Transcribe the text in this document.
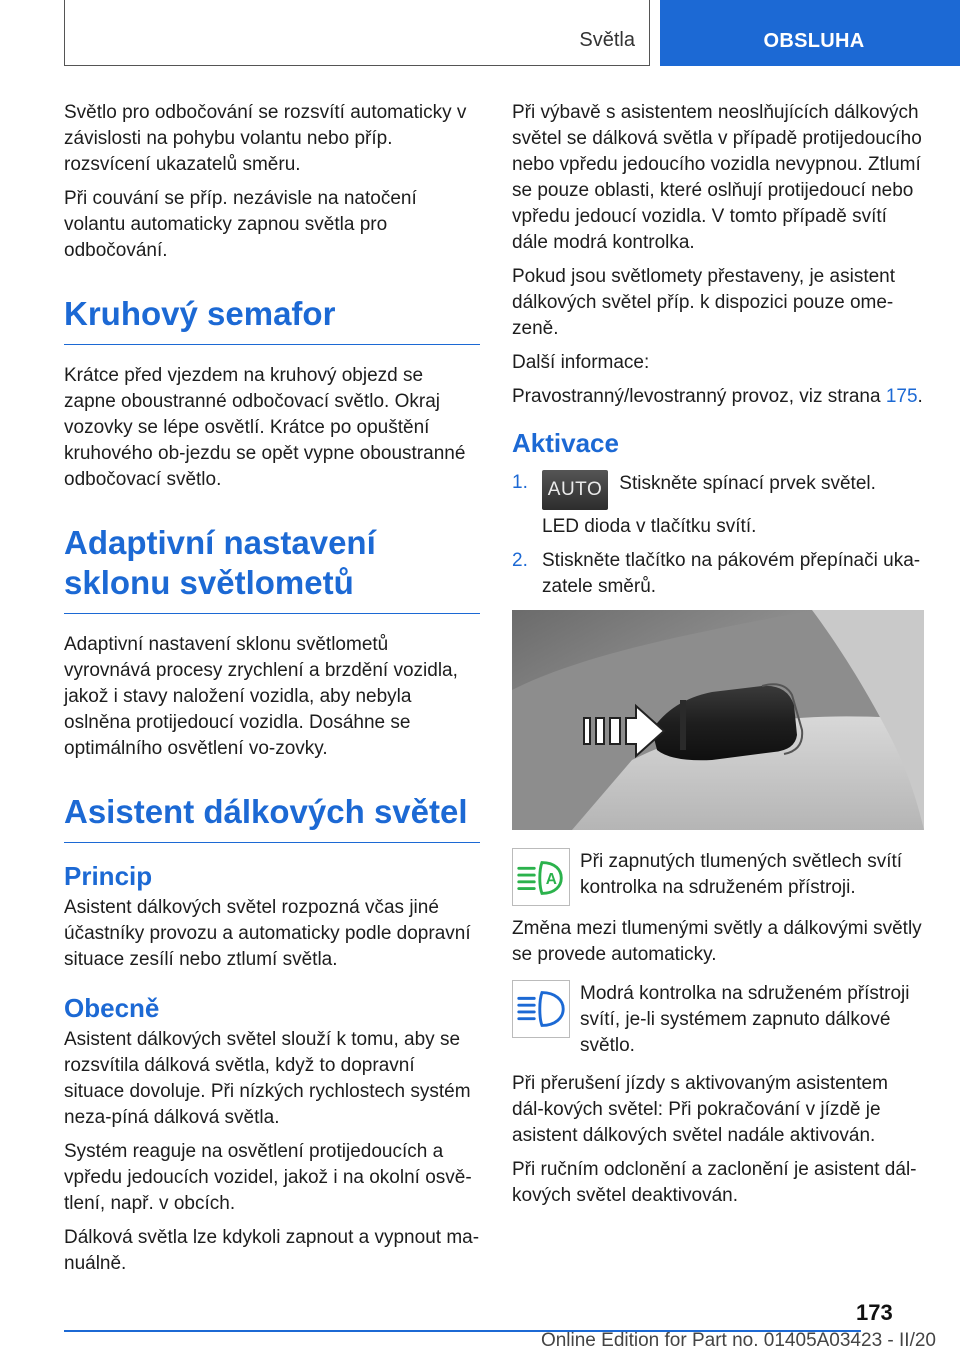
Světla	OBSLUHA

Světlo pro odbočování se rozsvítí automaticky v závislosti na pohybu volantu nebo příp. rozsvícení ukazatelů směru.

Při couvání se příp. nezávisle na natočení volantu automaticky zapnou světla pro odbočování.

Kruhový semafor

Krátce před vjezdem na kruhový objezd se zapne oboustranné odbočovací světlo. Okraj vozovky se lépe osvětlí. Krátce po opuštění kruhového ob‐jezdu se opět vypne oboustranné odbočovací světlo.

Adaptivní nastavení sklonu světlometů

Adaptivní nastavení sklonu světlometů vyrovnává procesy zrychlení a brzdění vozidla, jakož i stavy naložení vozidla, aby nebyla oslněna protijedoucí vozidla. Dosáhne se optimálního osvětlení vo‐zovky.

Asistent dálkových světel
Princip

Asistent dálkových světel rozpozná včas jiné účastníky provozu a automaticky podle dopravní situace zesílí nebo ztlumí světla.

Obecně

Asistent dálkových světel slouží k tomu, aby se rozsvítila dálková světla, když to dopravní situace dovoluje. Při nízkých rychlostech systém neza‐píná dálková světla.

Systém reaguje na osvětlení protijedoucích a vpředu jedoucích vozidel, jakož i na okolní osvě‐tlení, např. v obcích.

Dálková světla lze kdykoli zapnout a vypnout ma‐nuálně.

Při výbavě s asistentem neoslňujících dálkových světel se dálková světla v případě protijedoucího nebo vpředu jedoucího vozidla nevypnou. Ztlumí se pouze oblasti, které oslňují protijedoucí nebo vpředu jedoucí vozidla. V tomto případě svítí dále modrá kontrolka.

Pokud jsou světlomety přestaveny, je asistent dálkových světel příp. k dispozici pouze ome‐zeně.

Další informace:

Pravostranný/levostranný provoz, viz strana 175.

Aktivace
1.	AUTO Stiskněte spínací prvek světel.
LED dioda v tlačítku svítí.
2. Stiskněte tlačítko na pákovém přepínači uka‐zatele směrů.
A
Při zapnutých tlumených světlech svítí kontrolka na sdruženém přístroji.

Změna mezi tlumenými světly a dálkovými světly se provede automaticky.

Modrá kontrolka na sdruženém přístroji svítí, je-li systémem zapnuto dálkové světlo.

Při přerušení jízdy s aktivovaným asistentem dál‐kových světel: Při pokračování v jízdě je asistent dálkových světel nadále aktivován.

Při ručním odclonění a zaclonění je asistent dál‐kových světel deaktivován.

173
Online Edition for Part no. 01405A03423 - II/20
